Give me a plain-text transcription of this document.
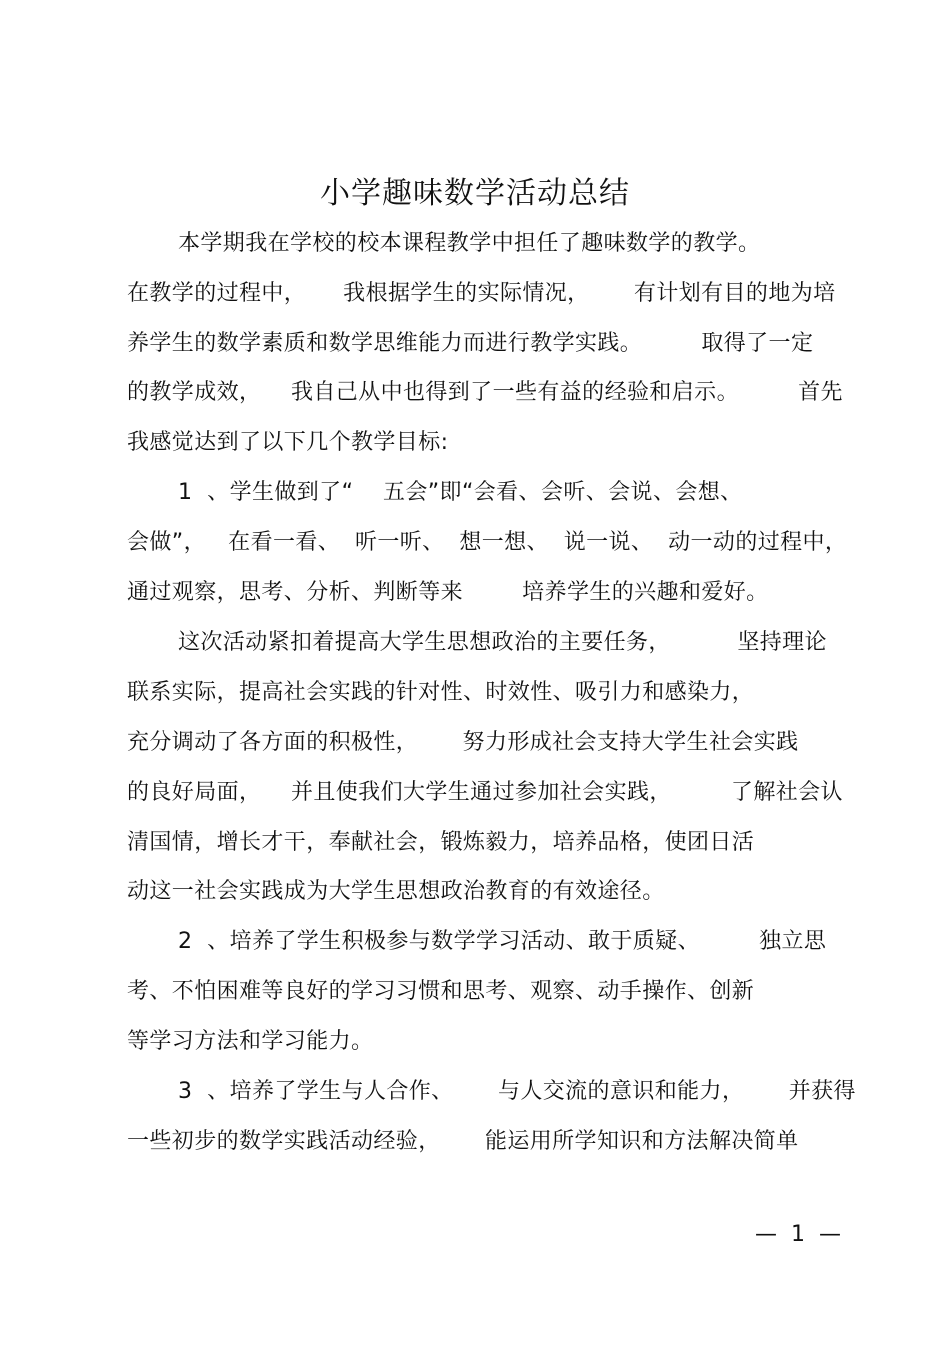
小学趣味数学活动总结
本学期我在学校的校本课程教学中担任了趣味数学的教学。
在教学的过程中，     我根据学生的实际情况，      有计划有目的地为培
养学生的数学素质和数学思维能力而进行教学实践。        取得了一定
的教学成效，    我自己从中也得到了一些有益的经验和启示。        首先
我感觉达到了以下几个教学目标:
1  、学生做到了“    五会”即“会看、会听、会说、会想、
会做”，   在看一看、  听一听、  想一想、  说一说、  动一动的过程中，
通过观察，思考、分析、判断等来        培养学生的兴趣和爱好。
这次活动紧扣着提高大学生思想政治的主要任务，         坚持理论
联系实际，提高社会实践的针对性、时效性、吸引力和感染力，
充分调动了各方面的积极性，      努力形成社会支持大学生社会实践
的良好局面，    并且使我们大学生通过参加社会实践，        了解社会认
清国情，增长才干，奉献社会，锻炼毅力，培养品格，使团日活
动这一社会实践成为大学生思想政治教育的有效途径。
2  、培养了学生积极参与数学学习活动、敢于质疑、        独立思
考、不怕困难等良好的学习习惯和思考、观察、动手操作、创新
等学习方法和学习能力。
3  、培养了学生与人合作、      与人交流的意识和能力，      并获得
一些初步的数学实践活动经验，      能运用所学知识和方法解决简单
—  1  —
